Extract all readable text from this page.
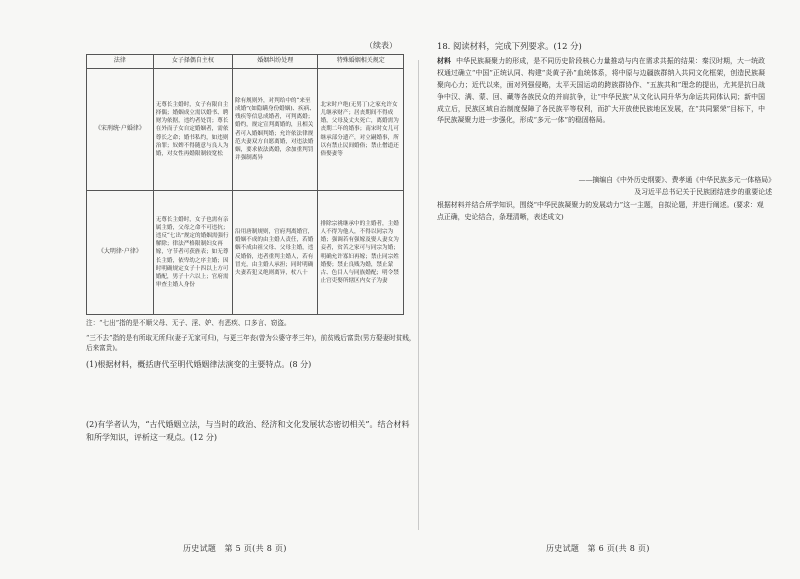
（续表）
法律	女子择偶自主权	婚姻纠纷处理	特殊婚姻相关规定
《宋刑统·户婚律》	无尊长主婚时，女子有限自主择偶；婚姻成立需以婚书、聘财为依据，违约者处罚；尊长在外而子女自定婚姻者，需依尊长之命；婚书私约，如违则治罪；奴婢不得随意与良人为婚，对女性再婚限制较宽松	除有规则外，对判给中的“来至成婚”(如隐瞒身份婚姻)、疾病、残疾等信息成婚者，可判离婚；婚约，规定宣判离婚的，且相关者可入婚姻判婚；允许依法律规范夫妻双方自愿离婚，对违法婚姻，要求依法离婚，余加重判罚并强制离异	北宋时户绝(无男丁)之家允许女儿继承财产；居丧期间不得成婚，父母及丈夫死亡，离婚需为丧期二年的婚事；南宋时女儿可继承部分遗产，对立嗣婚事，所以有禁止民间婚俗；禁止僧道还俗娶妻等
《大明律·户律》	无尊长主婚时，女子也需有亲属主婚，父母之命不可违抗；违反“七出”规定的婚姻需强行解除；律法严格限制妇女再嫁，守节者可获旌表；如无尊长主婚，依卑幼之序主婚；因时明确规定女子十四以上方可婚配，男子十六以上；官府需审查主婚人身份	沿用唐制规则，官府判离婚官，婚姻不成的由主婚人责任，若婚姻不成由祖父母、父母主婚，违反婚俗，违者重判主婚人，若有冒充，由主婚人承担；同时明确夫妻若犯义绝则离异，杖八十	排除宗祧继承中的主婚者，主婚人不得为他人，不得以同宗为婚；强调若有强嫁及娶人妻女为妾者，贫苦之家可与同宗为婚；明确允许寡妇再嫁；禁止同宗姓婚娶；禁止良贱为婚，禁止蒙古、色目人与同族婚配；明令禁止官吏娶所辖区内女子为妻
注：“七出”指的是不顺父母、无子、淫、妒、有恶疾、口多言、窃盗。
“三不去”指的是有所取无所归(妻子无家可归)，与更三年丧(曾为公婆守孝三年)，前贫贱后富贵(男方娶妻时贫贱，后来富贵)。
(1)根据材料，概括唐代至明代婚姻律法演变的主要特点。(8 分)
(2)有学者认为，“古代婚姻立法，与当时的政治、经济和文化发展状态密切相关”。结合材料和所学知识，评析这一观点。(12 分)
历史试题　第 5 页(共 8 页)
18. 阅读材料，完成下列要求。(12 分)
材料 中华民族凝聚力的形成，是不同历史阶段核心力量推动与内在需求共振的结果：秦汉时期，大一统政权通过确立“中国”正统认同、构建“炎黄子孙”血统体系，将中原与边疆族群纳入共同文化框架，创造民族凝聚向心力；近代以来，面对列强侵略，太平天国运动的跨族群协作、“五族共和”理念的提出，尤其是抗日战争中汉、满、蒙、回、藏等各族民众的并肩抗争，让“中华民族”从文化认同升华为命运共同体认同；新中国成立后，民族区域自治制度保障了各民族平等权利，而扩大开放使民族地区发展，在“共同繁荣”目标下，中华民族凝聚力进一步强化，形成“多元一体”的稳固格局。
——摘编自《中外历史纲要》、费孝通《中华民族多元一体格局》
及习近平总书记关于民族团结进步的重要论述
根据材料并结合所学知识，围绕“中华民族凝聚力的发展动力”这一主题，自拟论题，并进行阐述。(要求：观点正确，史论结合，条理清晰，表述成文)
历史试题　第 6 页(共 8 页)
